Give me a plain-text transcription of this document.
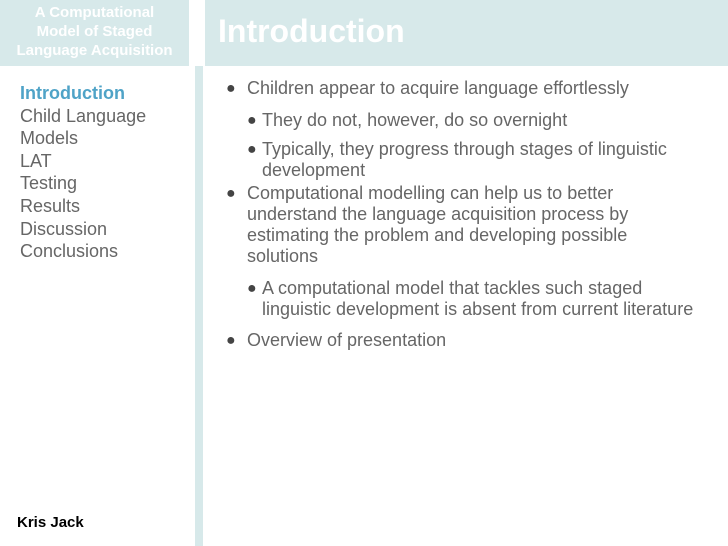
A Computational
Model of Staged
Language Acquisition
Introduction
Introduction
Child Language
Models
LAT
Testing
Results
Discussion
Conclusions
Kris Jack
● Children appear to acquire language effortlessly
● They do not, however, do so overnight
● Typically, they progress through stages of linguistic development
● Computational modelling can help us to better understand the language acquisition process by estimating the problem and developing possible solutions
● A computational model that tackles such staged linguistic development is absent from current literature
● Overview of presentation
